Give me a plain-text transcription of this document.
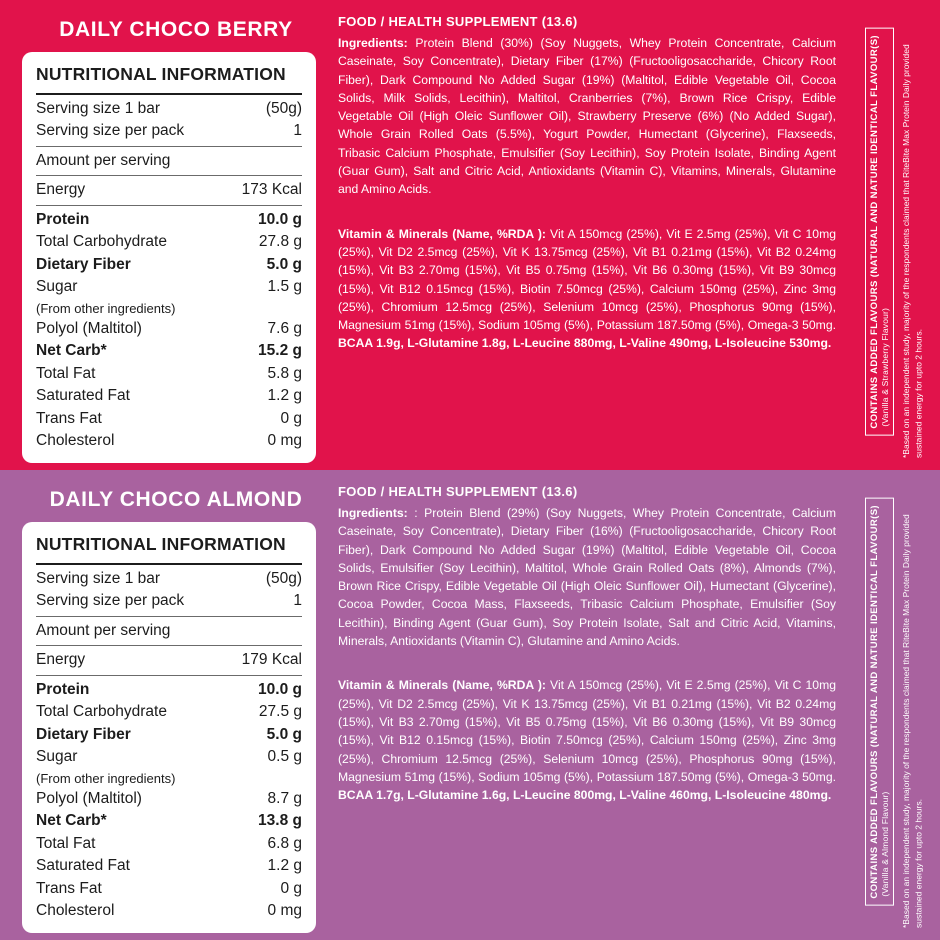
DAILY CHOCO BERRY
NUTRITIONAL INFORMATION
Serving size 1 bar	(50g)
Serving size per pack	1
Amount per serving
Energy	173 Kcal
Protein	10.0 g
Total Carbohydrate	27.8 g
Dietary Fiber	5.0 g
Sugar	1.5 g
(From other ingredients)
Polyol (Maltitol)	7.6 g
Net Carb*	15.2 g
Total Fat	5.8 g
Saturated Fat	1.2 g
Trans Fat	0 g
Cholesterol	0 mg
FOOD / HEALTH SUPPLEMENT (13.6)
Ingredients: Protein Blend (30%) (Soy Nuggets, Whey Protein Concentrate, Calcium Caseinate, Soy Concentrate), Dietary Fiber (17%) (Fructooligosaccharide, Chicory Root Fiber), Dark Compound No Added Sugar (19%) (Maltitol, Edible Vegetable Oil, Cocoa Solids, Milk Solids, Lecithin), Maltitol, Cranberries (7%), Brown Rice Crispy, Edible Vegetable Oil (High Oleic Sunflower Oil), Strawberry Preserve (6%) (No Added Sugar), Whole Grain Rolled Oats (5.5%), Yogurt Powder, Humectant (Glycerine), Flaxseeds, Tribasic Calcium Phosphate, Emulsifier (Soy Lecithin), Soy Protein Isolate, Binding Agent (Guar Gum), Salt and Citric Acid, Antioxidants (Vitamin C), Vitamins, Minerals, Glutamine and Amino Acids.
Vitamin & Minerals (Name, %RDA ): Vit A 150mcg (25%), Vit E 2.5mg (25%), Vit C 10mg (25%), Vit D2 2.5mcg (25%), Vit K 13.75mcg (25%), Vit B1 0.21mg (15%), Vit B2 0.24mg (15%), Vit B3 2.70mg (15%), Vit B5 0.75mg (15%), Vit B6 0.30mg (15%), Vit B9 30mcg (15%), Vit B12 0.15mcg (15%), Biotin 7.50mcg (25%), Calcium 150mg (25%), Zinc 3mg (25%), Chromium 12.5mcg (25%), Selenium 10mcg (25%), Phosphorus 90mg (15%), Magnesium 51mg (15%), Sodium 105mg (5%), Potassium 187.50mg (5%), Omega-3 50mg. BCAA 1.9g, L-Glutamine 1.8g, L-Leucine 880mg, L-Valine 490mg, L-Isoleucine 530mg.	CONTAINS ADDED FLAVOURS (NATURAL AND NATURE IDENTICAL FLAVOUR(S) (Vanilla & Strawberry Flavour) *Based on an independent study, majority of the respondents claimed that RiteBite Max Protein Daily provided sustained energy for upto 2 hours.
DAILY CHOCO ALMOND
NUTRITIONAL INFORMATION
Serving size 1 bar	(50g)
Serving size per pack	1
Amount per serving
Energy	179 Kcal
Protein	10.0 g
Total Carbohydrate	27.5 g
Dietary Fiber	5.0 g
Sugar	0.5 g
(From other ingredients)
Polyol (Maltitol)	8.7 g
Net Carb*	13.8 g
Total Fat	6.8 g
Saturated Fat	1.2 g
Trans Fat	0 g
Cholesterol	0 mg
FOOD / HEALTH SUPPLEMENT (13.6)
Ingredients: : Protein Blend (29%) (Soy Nuggets, Whey Protein Concentrate, Calcium Caseinate, Soy Concentrate), Dietary Fiber (16%) (Fructooligosaccharide, Chicory Root Fiber), Dark Compound No Added Sugar (19%) (Maltitol, Edible Vegetable Oil, Cocoa Solids, Emulsifier (Soy Lecithin), Maltitol, Whole Grain Rolled Oats (8%), Almonds (7%), Brown Rice Crispy, Edible Vegetable Oil (High Oleic Sunflower Oil), Humectant (Glycerine), Cocoa Powder, Cocoa Mass, Flaxseeds, Tribasic Calcium Phosphate, Emulsifier (Soy Lecithin), Binding Agent (Guar Gum), Soy Protein Isolate, Salt and Citric Acid, Vitamins, Minerals, Antioxidants (Vitamin C), Glutamine and Amino Acids.
Vitamin & Minerals (Name, %RDA ): Vit A 150mcg (25%), Vit E 2.5mg (25%), Vit C 10mg (25%), Vit D2 2.5mcg (25%), Vit K 13.75mcg (25%), Vit B1 0.21mg (15%), Vit B2 0.24mg (15%), Vit B3 2.70mg (15%), Vit B5 0.75mg (15%), Vit B6 0.30mg (15%), Vit B9 30mcg (15%), Vit B12 0.15mcg (15%), Biotin 7.50mcg (25%), Calcium 150mg (25%), Zinc 3mg (25%), Chromium 12.5mcg (25%), Selenium 10mcg (25%), Phosphorus 90mg (15%), Magnesium 51mg (15%), Sodium 105mg (5%), Potassium 187.50mg (5%), Omega-3 50mg. BCAA 1.7g, L-Glutamine 1.6g, L-Leucine 800mg, L-Valine 460mg, L-Isoleucine 480mg.	CONTAINS ADDED FLAVOURS (NATURAL AND NATURE IDENTICAL FLAVOUR(S) (Vanilla & Almond Flavour) *Based on an independent study, majority of the respondents claimed that RiteBite Max Protein Daily provided sustained energy for upto 2 hours.
